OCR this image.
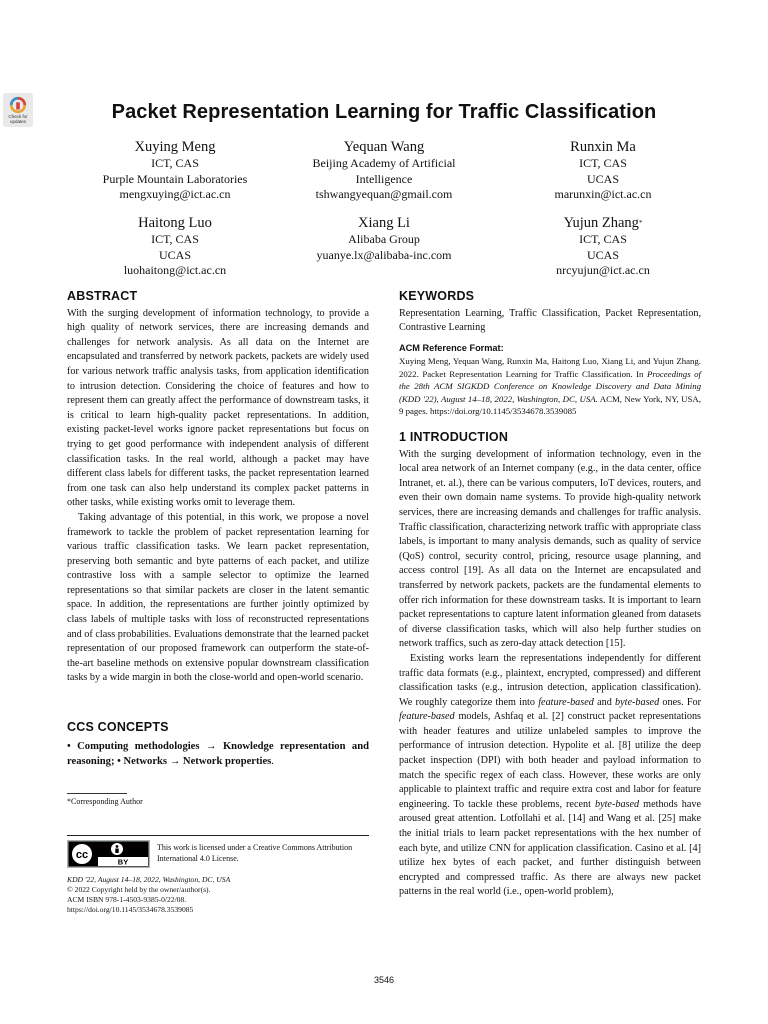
Check for
updates	Packet Representation Learning for Traffic Classification
Xuying Meng
ICT, CAS
Purple Mountain Laboratories
mengxuying@ict.ac.cn
Yequan Wang
Beijing Academy of Artificial
Intelligence
tshwangyequan@gmail.com
Runxin Ma
ICT, CAS
UCAS
marunxin@ict.ac.cn
Haitong Luo
ICT, CAS
UCAS
luohaitong@ict.ac.cn
Xiang Li
Alibaba Group
yuanye.lx@alibaba-inc.com
Yujun Zhang*
ICT, CAS
UCAS
nrcyujun@ict.ac.cn
ABSTRACT

With the surging development of information technology, to provide a high quality of network services, there are increasing demands and challenges for network analysis. As all data on the Internet are encapsulated and transferred by network packets, packets are widely used for various network traffic analysis tasks, from application identification to intrusion detection. Considering the choice of features and how to represent them can greatly affect the performance of downstream tasks, it is critical to learn high-quality packet representations. In addition, existing packet-level works ignore packet representations but focus on trying to get good performance with independent analysis of different classification tasks. In the real world, although a packet may have different class labels for different tasks, the packet representation learned from one task can also help understand its complex packet patterns in other tasks, while existing works omit to leverage them.

Taking advantage of this potential, in this work, we propose a novel framework to tackle the problem of packet representation learning for various traffic classification tasks. We learn packet representation, preserving both semantic and byte patterns of each packet, and utilize contrastive loss with a sample selector to optimize the learned representations so that similar packets are closer in the latent semantic space. In addition, the representations are further jointly optimized by class labels of multiple tasks with loss of reconstructed representations and of class probabilities. Evaluations demonstrate that the learned packet representation of our proposed framework can outperform the state-of-the-art baseline methods on extensive popular downstream classification tasks by a wide margin in both the close-world and open-world scenario.

CCS CONCEPTS

• Computing methodologies → Knowledge representation and reasoning; • Networks → Network properties.

*Corresponding Author
cc
BY
This work is licensed under a Creative Commons Attribution International 4.0 License.
KDD '22, August 14–18, 2022, Washington, DC, USA
© 2022 Copyright held by the owner/author(s).
ACM ISBN 978-1-4503-9385-0/22/08.
https://doi.org/10.1145/3534678.3539085
KEYWORDS

Representation Learning, Traffic Classification, Packet Representation, Contrastive Learning

ACM Reference Format:

Xuying Meng, Yequan Wang, Runxin Ma, Haitong Luo, Xiang Li, and Yujun Zhang. 2022. Packet Representation Learning for Traffic Classification. In Proceedings of the 28th ACM SIGKDD Conference on Knowledge Discovery and Data Mining (KDD '22), August 14–18, 2022, Washington, DC, USA. ACM, New York, NY, USA, 9 pages. https://doi.org/10.1145/3534678.3539085

1 INTRODUCTION

With the surging development of information technology, even in the local area network of an Internet company (e.g., in the data center, office Intranet, et. al.), there can be various computers, IoT devices, routers, and even their own domain name systems. To provide high-quality network services, there are increasing demands and challenges for traffic analysis. Traffic classification, characterizing network traffic with appropriate class labels, is important to many analysis demands, such as quality of service (QoS) control, security control, pricing, resource usage planning, and access control [19]. As all data on the Internet are encapsulated and transferred by network packets, packets are the fundamental elements to offer rich information for these downstream tasks. It is important to learn packet representations to capture latent information gleaned from datasets of diverse classification tasks, which will also help further studies on network traffics, such as zero-day attack detection [15].

Existing works learn the representations independently for different traffic data formats (e.g., plaintext, encrypted, compressed) and different classification tasks (e.g., intrusion detection, application classification). We roughly categorize them into feature-based and byte-based ones. For feature-based models, Ashfaq et al. [2] construct packet representations with header features and utilize unlabeled samples to improve the performance of intrusion detection. Hypolite et al. [8] utilize the deep packet inspection (DPI) with both header and payload information to match the specific regex of each class. However, these works are only applicable to plaintext traffic and require extra cost and labor for feature engineering. To tackle these problems, recent byte-based methods have aroused great attention. Lotfollahi et al. [14] and Wang et al. [25] make the initial trials to learn packet representations with the hex number of each byte, and utilize CNN for application classification. Casino et al. [4] utilize hex bytes of each packet, and further distinguish between encrypted and compressed traffic. As there are always new packet patterns in the real world (i.e., open-world problem),

3546
